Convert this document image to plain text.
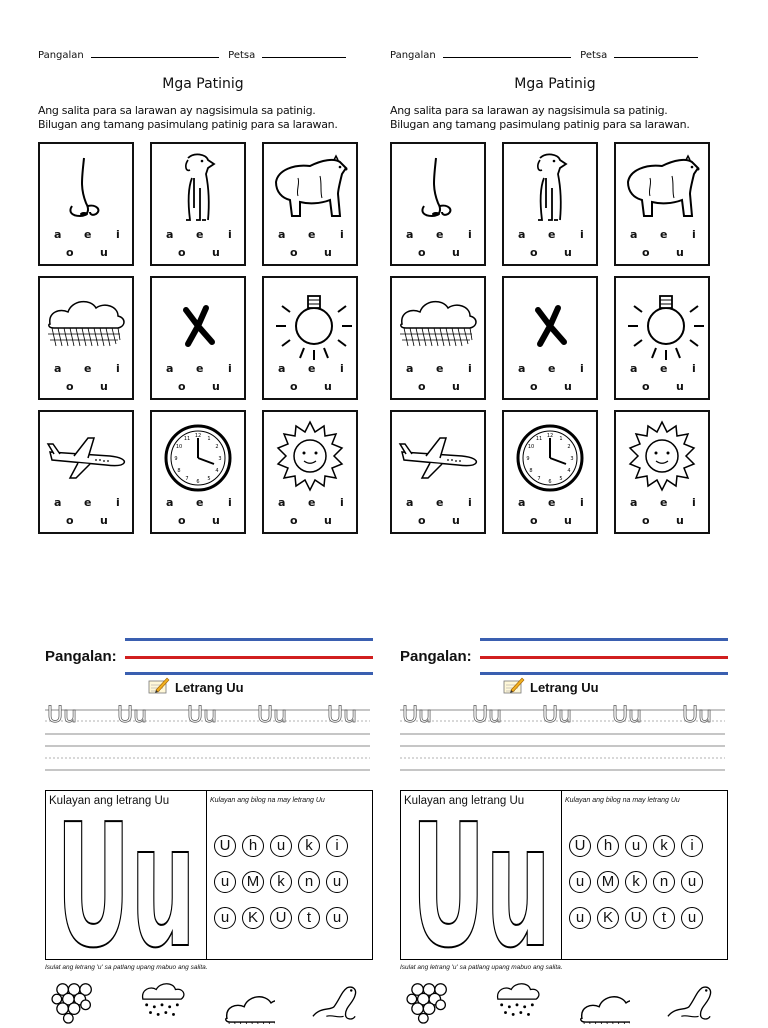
Pangalan	Petsa
Mga Patinig
Ang salita para sa larawan ay nagsisimula sa patinig.
Bilugan ang tamang pasimulang patinig para sa larawan.
a e i
o u
a e i
o u
a e i
o u
a e i
o u
a e i
o u
a e i
o u
a e i
o u
12
3
6
9
1
2
4
5
7
8
10
11
a e i
o u
a e i
o u
Pangalan	Petsa
Mga Patinig
Ang salita para sa larawan ay nagsisimula sa patinig.
Bilugan ang tamang pasimulang patinig para sa larawan.
a e i
o u
a e i
o u
a e i
o u
a e i
o u
a e i
o u
a e i
o u
a e i
o u
12
3
6
9
1
2
4
5
7
8
10
11
a e i
o u
a e i
o u
Pangalan:
Letrang Uu
Uu Uu Uu Uu Uu
Kulayan ang letrang Uu
Uu Kulayan ang bilog na may letrang Uu
U	h	u	k	i
u	M	k	n	u
u	K	U	t	u
Isulat ang letrang 'u' sa patlang upang mabuo ang salita.
Pangalan:
Letrang Uu
Uu Uu Uu Uu Uu
Kulayan ang letrang Uu
Uu Kulayan ang bilog na may letrang Uu
U	h	u	k	i
u	M	k	n	u
u	K	U	t	u
Isulat ang letrang 'u' sa patlang upang mabuo ang salita.
